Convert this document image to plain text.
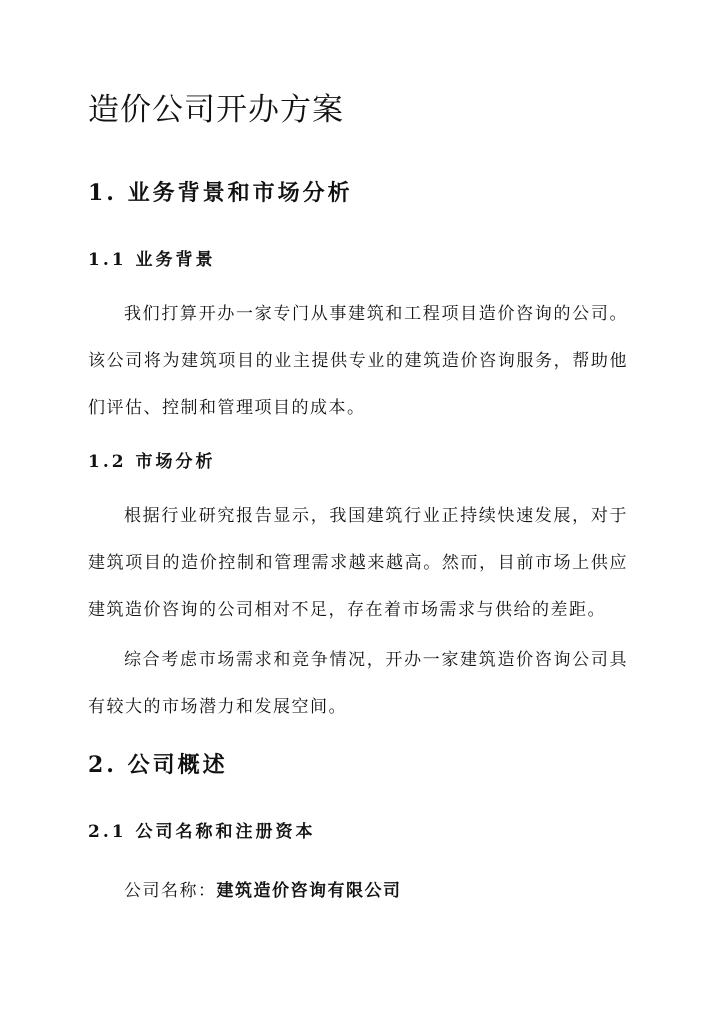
造价公司开办方案
1. 业务背景和市场分析
1.1 业务背景

我们打算开办一家专门从事建筑和工程项目造价咨询的公司。该公司将为建筑项目的业主提供专业的建筑造价咨询服务，帮助他们评估、控制和管理项目的成本。

1.2 市场分析

根据行业研究报告显示，我国建筑行业正持续快速发展，对于建筑项目的造价控制和管理需求越来越高。然而，目前市场上供应建筑造价咨询的公司相对不足，存在着市场需求与供给的差距。

综合考虑市场需求和竞争情况，开办一家建筑造价咨询公司具有较大的市场潜力和发展空间。

2. 公司概述
2.1 公司名称和注册资本

公司名称：建筑造价咨询有限公司
